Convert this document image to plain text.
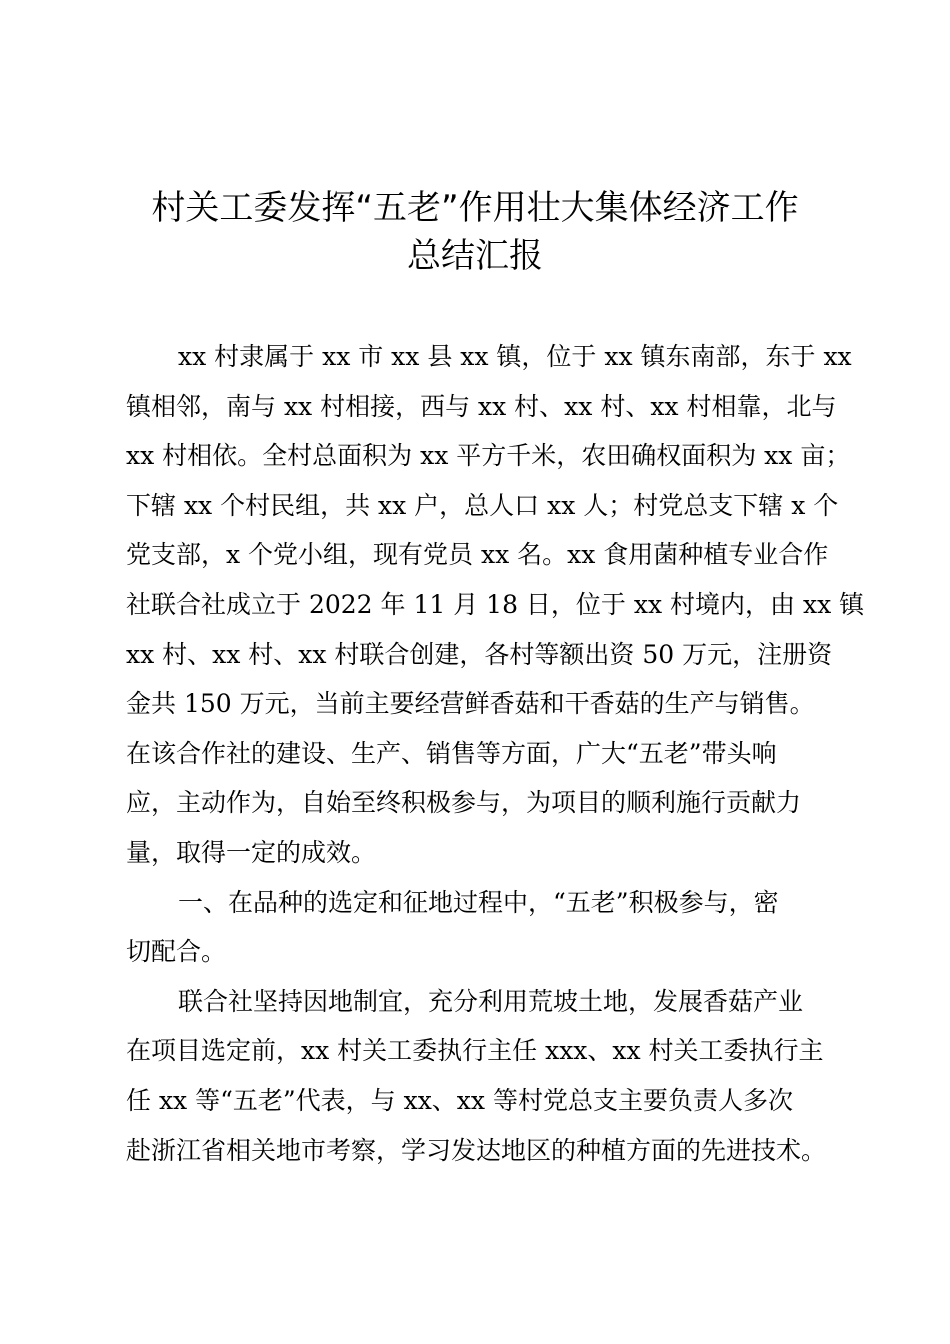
村关工委发挥“五老”作用壮大集体经济工作
总结汇报
xx 村隶属于 xx 市 xx 县 xx 镇，位于 xx 镇东南部，东于 xx
镇相邻，南与 xx 村相接，西与 xx 村、xx 村、xx 村相靠，北与
xx 村相依。全村总面积为 xx 平方千米，农田确权面积为 xx 亩；
下辖 xx 个村民组，共 xx 户，总人口 xx 人；村党总支下辖 x 个
党支部，x 个党小组，现有党员 xx 名。xx 食用菌种植专业合作
社联合社成立于 2022 年 11 月 18 日，位于 xx 村境内，由 xx 镇
xx 村、xx 村、xx 村联合创建，各村等额出资 50 万元，注册资
金共 150 万元，当前主要经营鲜香菇和干香菇的生产与销售。
在该合作社的建设、生产、销售等方面，广大“五老”带头响
应，主动作为，自始至终积极参与，为项目的顺利施行贡献力
量，取得一定的成效。
一、在品种的选定和征地过程中，“五老”积极参与，密
切配合。
联合社坚持因地制宜，充分利用荒坡土地，发展香菇产业
在项目选定前，xx 村关工委执行主任 xxx、xx 村关工委执行主
任 xx 等“五老”代表，与 xx、xx 等村党总支主要负责人多次
赴浙江省相关地市考察，学习发达地区的种植方面的先进技术。
